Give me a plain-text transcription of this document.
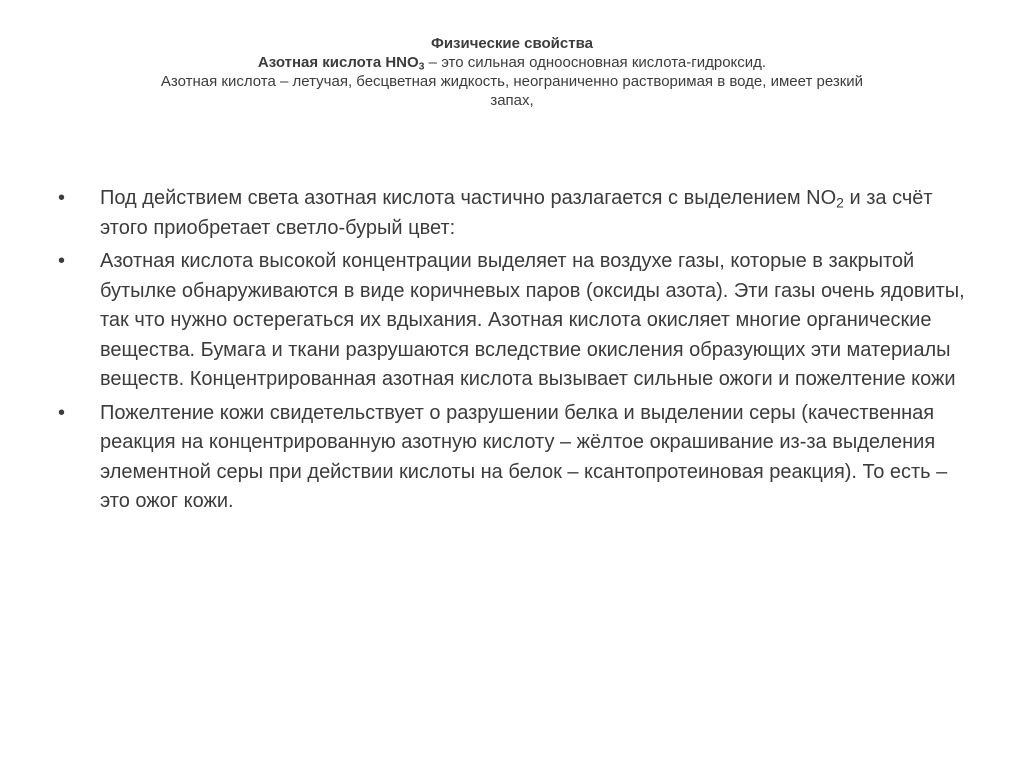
Физические свойства
Азотная кислота $HNO_3$ – это сильная одноосновная кислота-гидроксид.
Азотная кислота – летучая, бесцветная жидкость, неограниченно растворимая в воде, имеет резкий
запах,
• Под действием света азотная кислота частично разлагается с выделением $NO_2$ и за счёт этого приобретает светло-бурый цвет:
• Азотная кислота высокой концентрации выделяет на воздухе газы, которые в закрытой бутылке обнаруживаются в виде коричневых паров (оксиды азота). Эти газы очень ядовиты, так что нужно остерегаться их вдыхания. Азотная кислота окисляет многие органические вещества. Бумага и ткани разрушаются вследствие окисления образующих эти материалы веществ. Концентрированная азотная кислота вызывает сильные ожоги и пожелтение кожи
• Пожелтение кожи свидетельствует о разрушении белка и выделении серы (качественная реакция на концентрированную азотную кислоту – жёлтое окрашивание из-за выделения элементной серы при действии кислоты на белок – ксантопротеиновая реакция). То есть – это ожог кожи.
